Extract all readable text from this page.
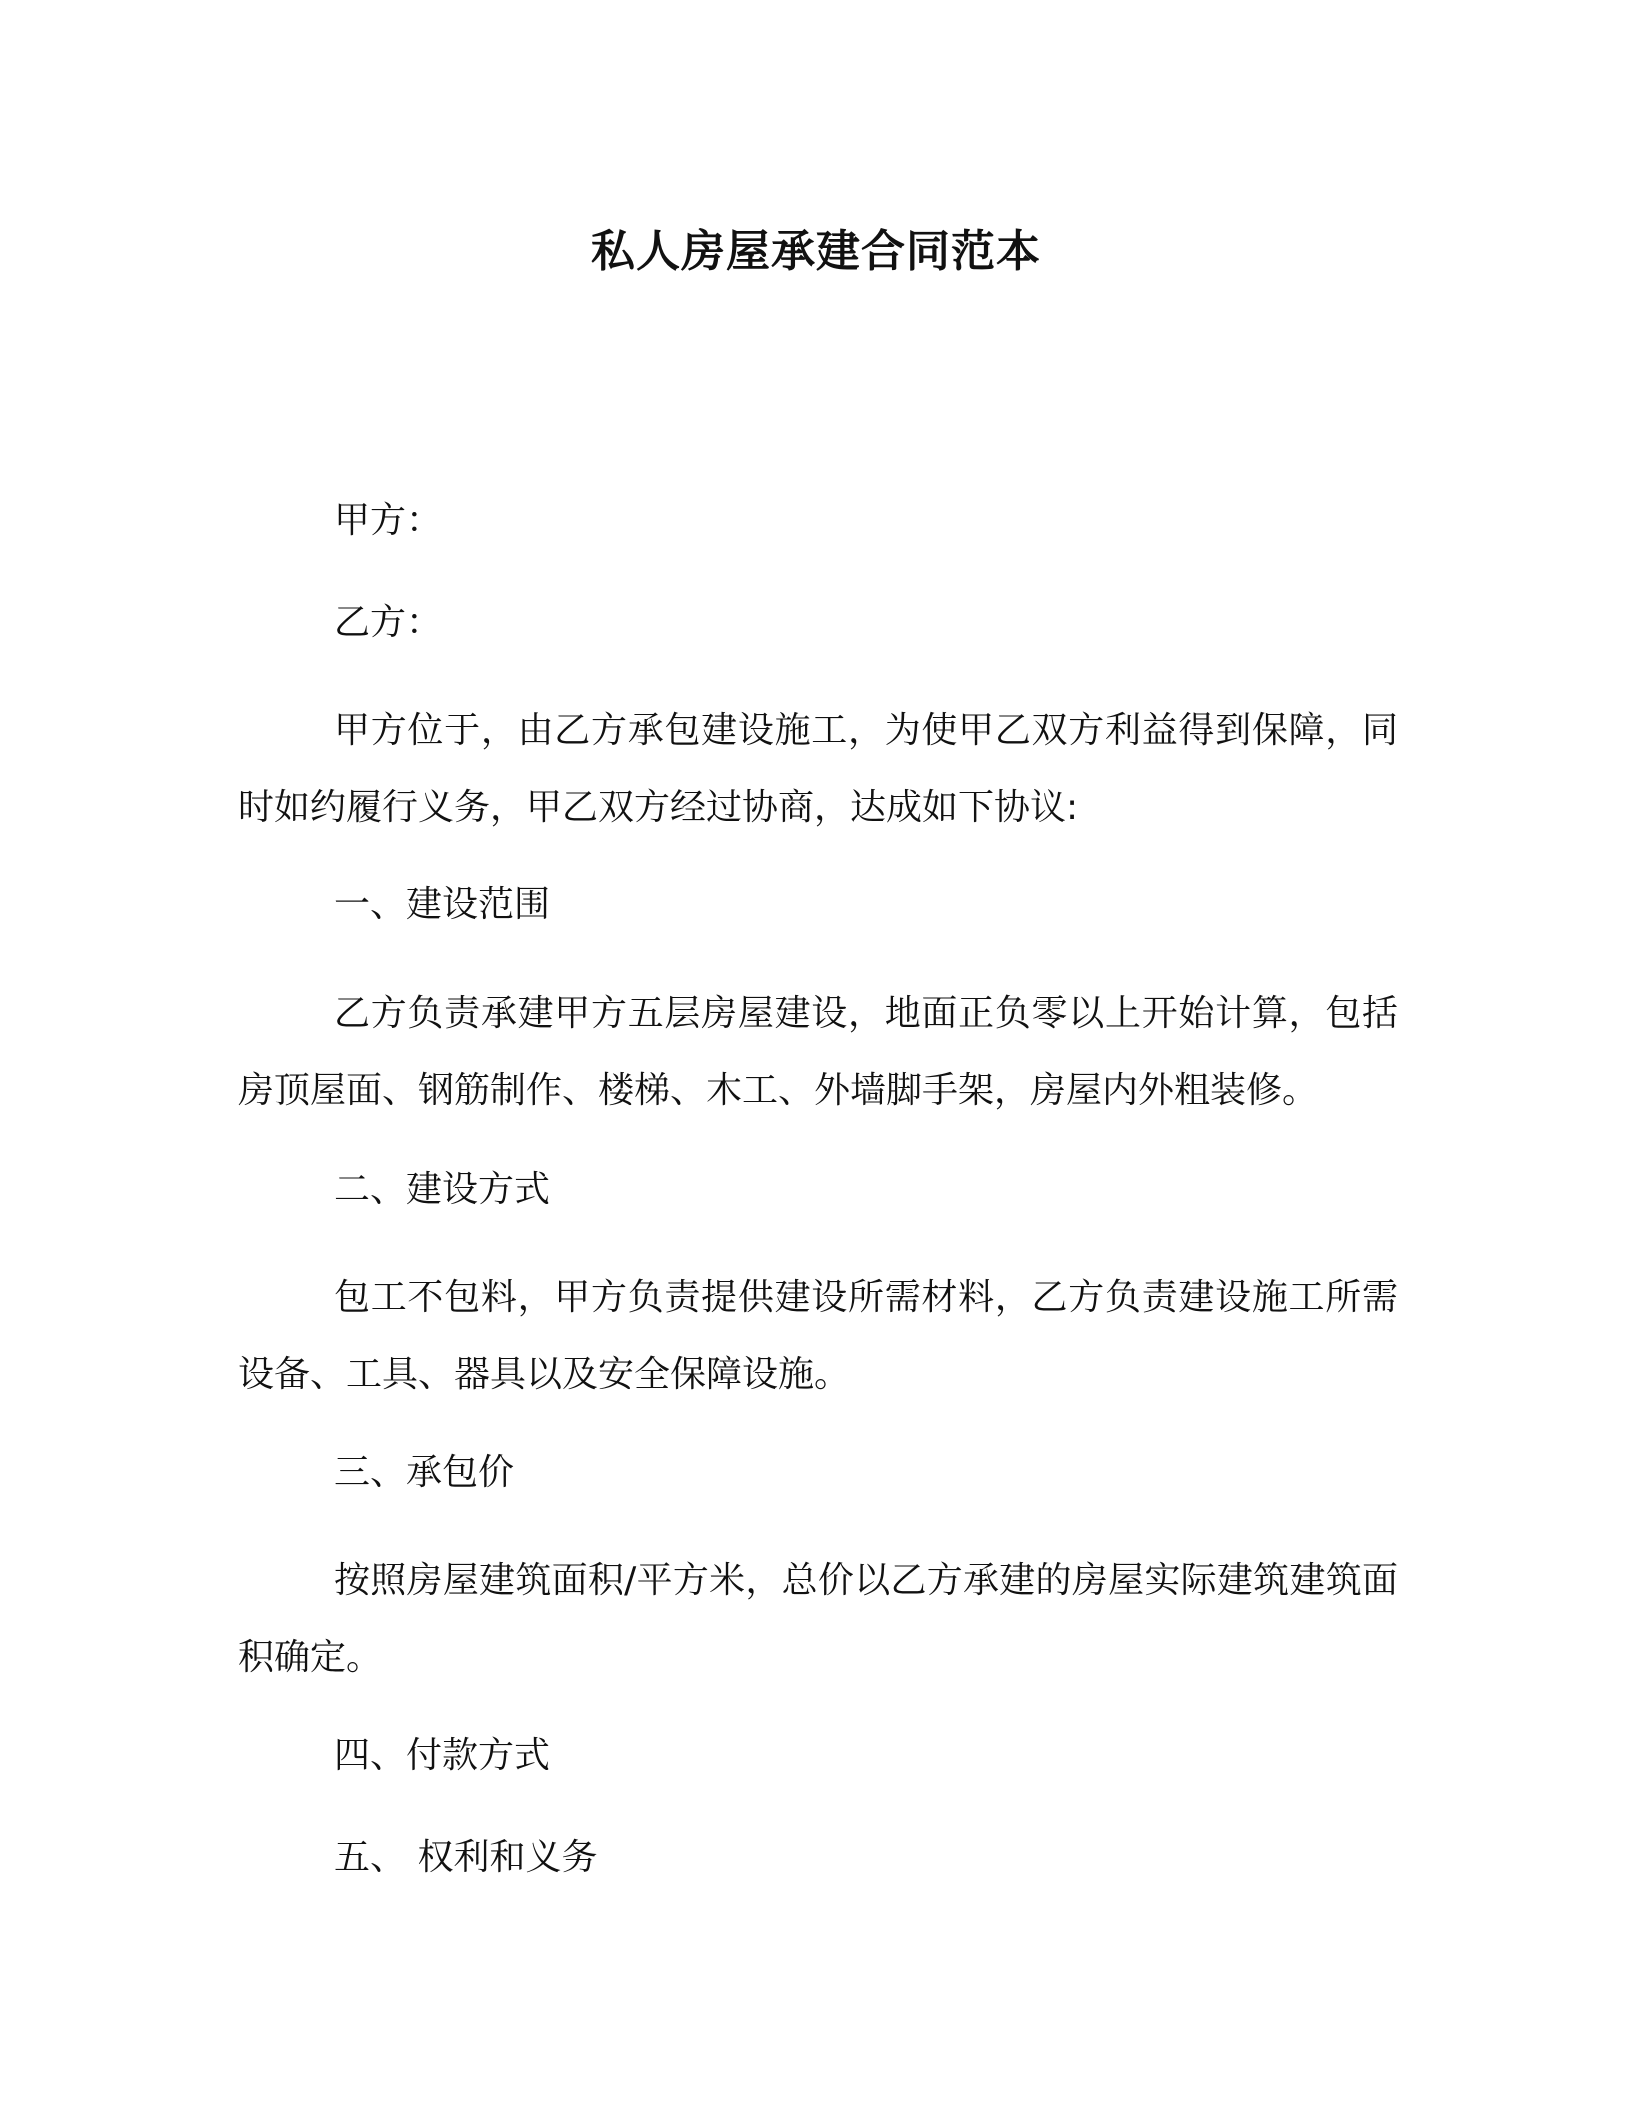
私人房屋承建合同范本
甲方：
乙方：
甲方位于，由乙方承包建设施工，为使甲乙双方利益得到保障，同时如约履行义务，甲乙双方经过协商，达成如下协议:
一、建设范围
乙方负责承建甲方五层房屋建设，地面正负零以上开始计算，包括房顶屋面、钢筋制作、楼梯、木工、外墙脚手架，房屋内外粗装修。
二、建设方式
包工不包料，甲方负责提供建设所需材料，乙方负责建设施工所需设备、工具、器具以及安全保障设施。
三、承包价
按照房屋建筑面积/平方米，总价以乙方承建的房屋实际建筑建筑面积确定。
四、付款方式
五、 权利和义务
